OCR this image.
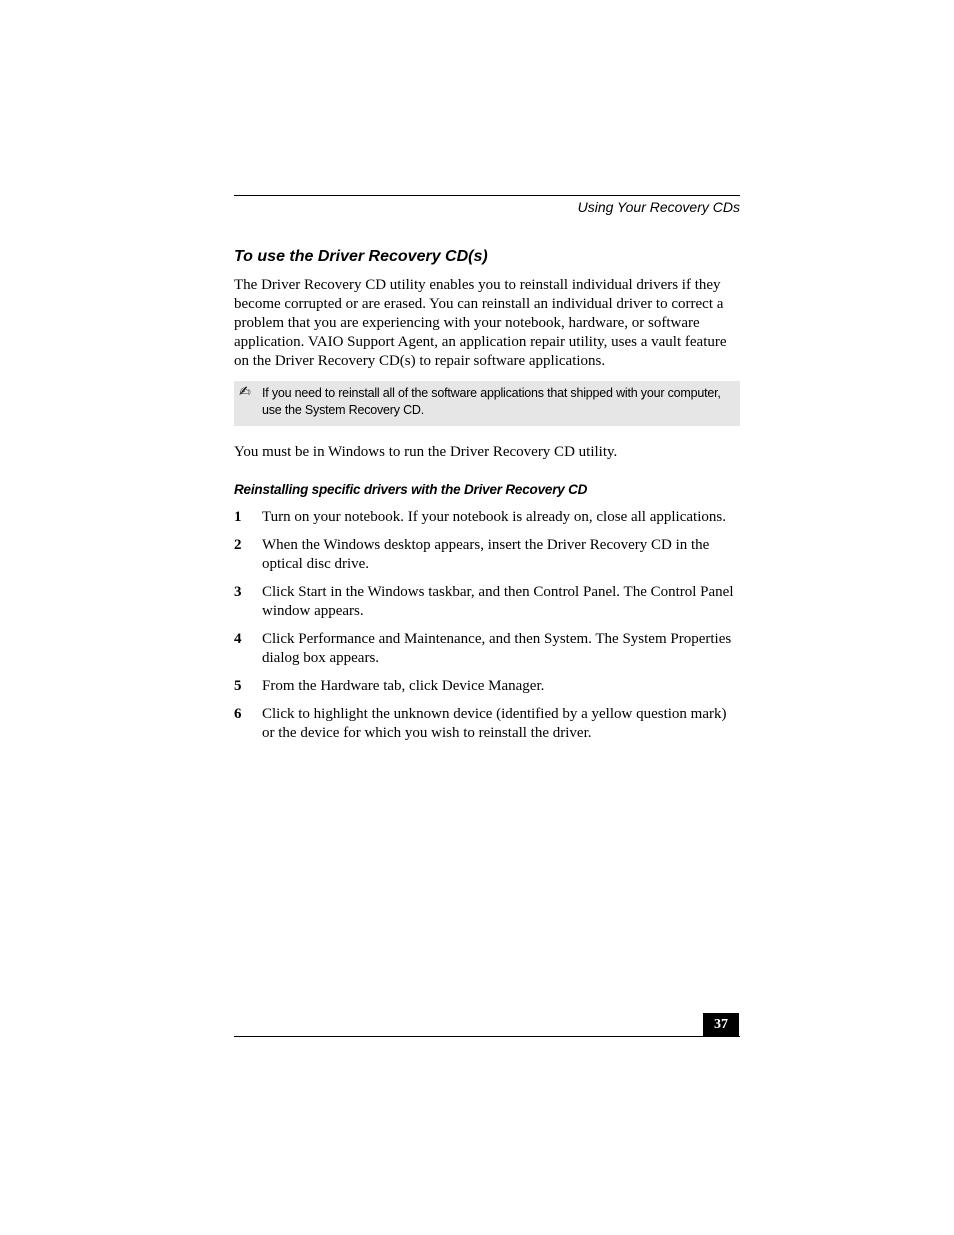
Using Your Recovery CDs
To use the Driver Recovery CD(s)

The Driver Recovery CD utility enables you to reinstall individual drivers if they become corrupted or are erased. You can reinstall an individual driver to correct a problem that you are experiencing with your notebook, hardware, or software application. VAIO Support Agent, an application repair utility, uses a vault feature on the Driver Recovery CD(s) to repair software applications.

✍ If you need to reinstall all of the software applications that shipped with your computer, use the System Recovery CD.

You must be in Windows to run the Driver Recovery CD utility.

Reinstalling specific drivers with the Driver Recovery CD
1 Turn on your notebook. If your notebook is already on, close all applications.
2 When the Windows desktop appears, insert the Driver Recovery CD in the optical disc drive.
3 Click Start in the Windows taskbar, and then Control Panel. The Control Panel window appears.
4 Click Performance and Maintenance, and then System. The System Properties dialog box appears.
5 From the Hardware tab, click Device Manager.
6 Click to highlight the unknown device (identified by a yellow question mark) or the device for which you wish to reinstall the driver.
37
